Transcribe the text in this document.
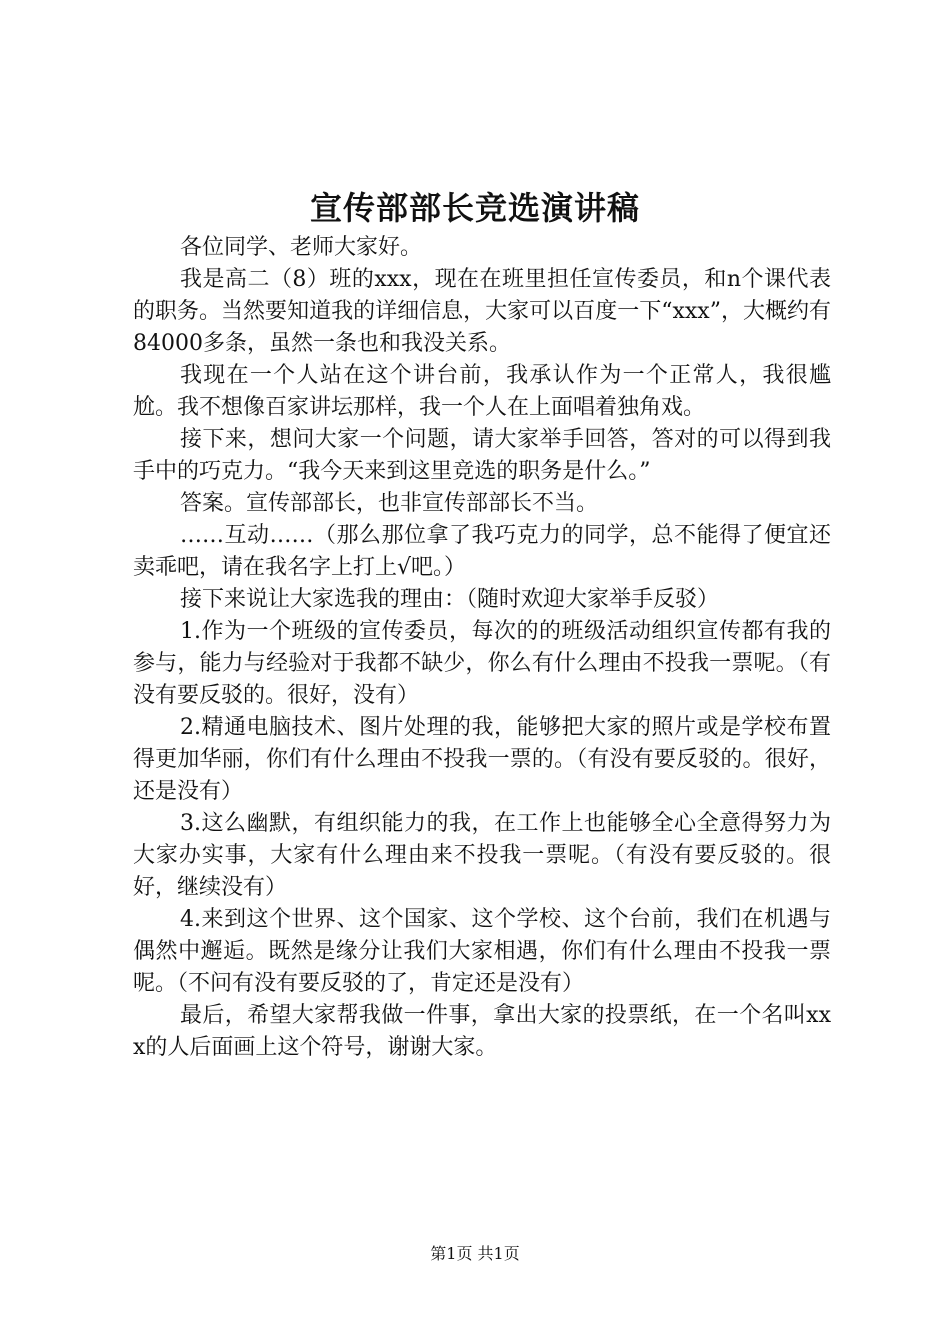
宣传部部长竞选演讲稿

各位同学、老师大家好。

我是高二（8）班的xxx，现在在班里担任宣传委员，和n个课代表的职务。当然要知道我的详细信息，大家可以百度一下“xxx”，大概约有84000多条，虽然一条也和我没关系。

我现在一个人站在这个讲台前，我承认作为一个正常人，我很尴尬。我不想像百家讲坛那样，我一个人在上面唱着独角戏。

接下来，想问大家一个问题，请大家举手回答，答对的可以得到我手中的巧克力。“我今天来到这里竞选的职务是什么。”

答案。宣传部部长，也非宣传部部长不当。

……互动……（那么那位拿了我巧克力的同学，总不能得了便宜还卖乖吧，请在我名字上打上√吧。）

接下来说让大家选我的理由：（随时欢迎大家举手反驳）

1.作为一个班级的宣传委员，每次的的班级活动组织宣传都有我的参与，能力与经验对于我都不缺少，你么有什么理由不投我一票呢。（有没有要反驳的。很好，没有）

2.精通电脑技术、图片处理的我，能够把大家的照片或是学校布置得更加华丽，你们有什么理由不投我一票的。（有没有要反驳的。很好，还是没有）

3.这么幽默，有组织能力的我，在工作上也能够全心全意得努力为大家办实事，大家有什么理由来不投我一票呢。（有没有要反驳的。很好，继续没有）

4.来到这个世界、这个国家、这个学校、这个台前，我们在机遇与偶然中邂逅。既然是缘分让我们大家相遇，你们有什么理由不投我一票呢。（不问有没有要反驳的了，肯定还是没有）

最后，希望大家帮我做一件事，拿出大家的投票纸，在一个名叫xxx的人后面画上这个符号，谢谢大家。

第1页 共1页
